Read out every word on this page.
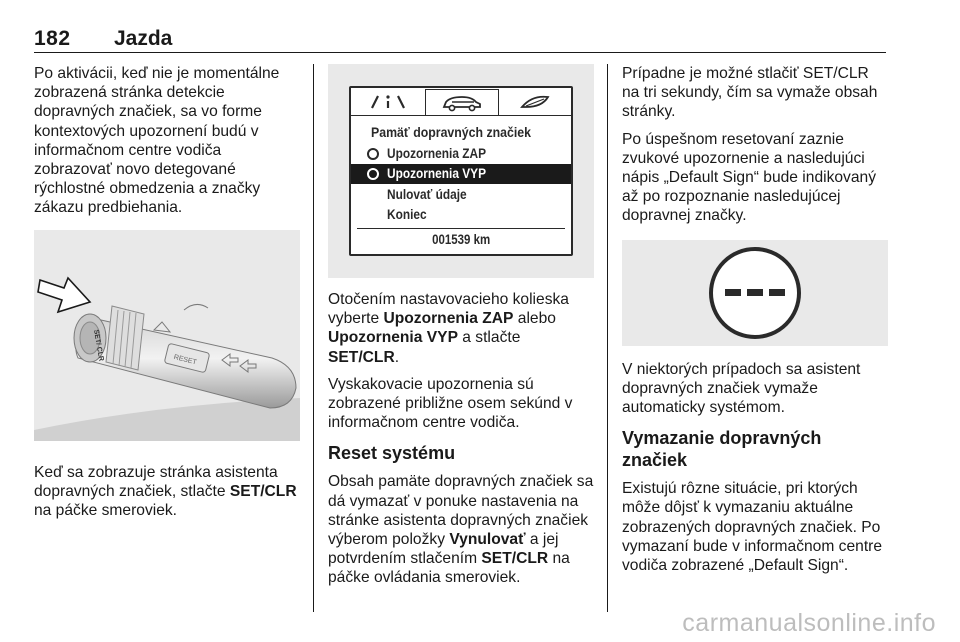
182 Jazda

Po aktivácii, keď nie je momentálne zobrazená stránka detekcie dopravných značiek, sa vo forme kontextových upozornení budú v informačnom centre vodiča zobrazovať novo detegované rýchlostné obmedzenia a značky zákazu predbiehania.

SET/ CLR	RESET

Keď sa zobrazuje stránka asistenta dopravných značiek, stlačte SET/CLR na páčke smeroviek.

Pamäť dopravných značiek
Upozornenia ZAP
Upozornenia VYP
Nulovať údaje
Koniec
001539 km

Otočením nastavovacieho kolieska vyberte Upozornenia ZAP alebo Upozornenia VYP a stlačte SET/CLR.

Vyskakovacie upozornenia sú zobrazené približne osem sekúnd v informačnom centre vodiča.

Reset systému

Obsah pamäte dopravných značiek sa dá vymazať v ponuke nastavenia na stránke asistenta dopravných značiek výberom položky Vynulovať a jej potvrdením stlačením SET/CLR na páčke ovládania smeroviek.

Prípadne je možné stlačiť SET/CLR na tri sekundy, čím sa vymaže obsah stránky.

Po úspešnom resetovaní zaznie zvukové upozornenie a nasledujúci nápis „Default Sign“ bude indikovaný až po rozpoznanie nasledujúcej dopravnej značky.

V niektorých prípadoch sa asistent dopravných značiek vymaže automaticky systémom.

Vymazanie dopravných značiek

Existujú rôzne situácie, pri ktorých môže dôjsť k vymazaniu aktuálne zobrazených dopravných značiek. Po vymazaní bude v informačnom centre vodiča zobrazené „Default Sign“.

carmanualsonline.info
